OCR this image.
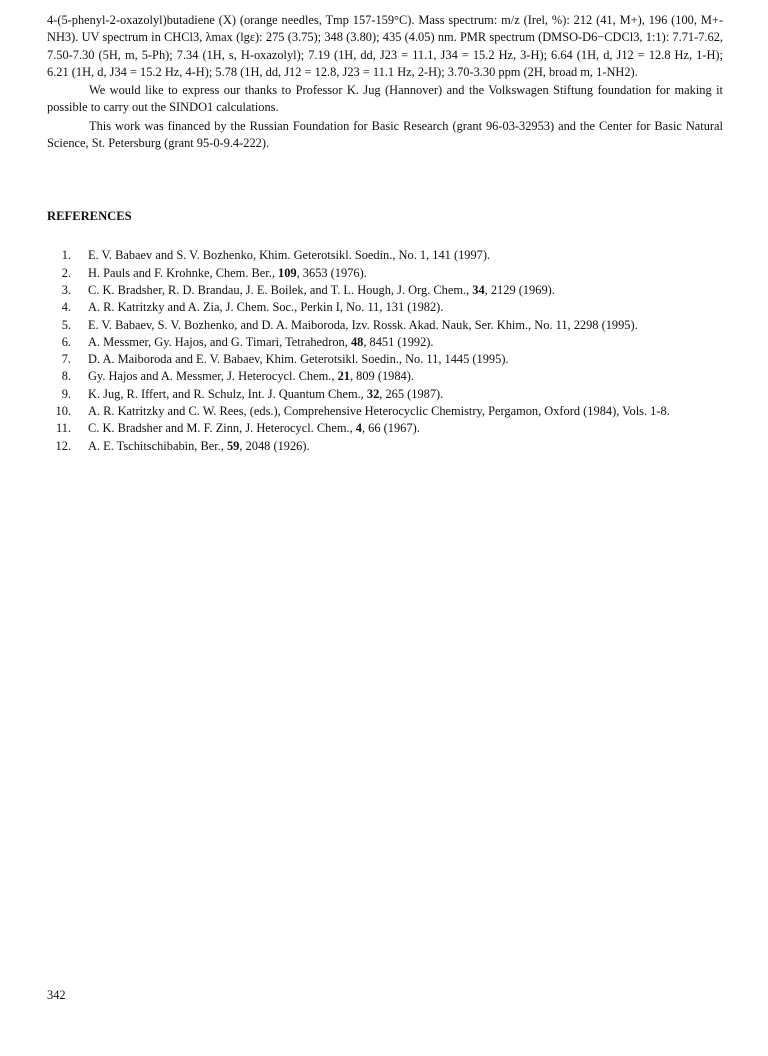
4-(5-phenyl-2-oxazolyl)butadiene (X) (orange needles, Tmp 157-159°C). Mass spectrum: m/z (Irel, %): 212 (41, M+), 196 (100, M+-NH3). UV spectrum in CHCl3, λmax (lgε): 275 (3.75); 348 (3.80); 435 (4.05) nm. PMR spectrum (DMSO-D6−CDCl3, 1:1): 7.71-7.62, 7.50-7.30 (5H, m, 5-Ph); 7.34 (1H, s, H-oxazolyl); 7.19 (1H, dd, J23 = 11.1, J34 = 15.2 Hz, 3-H); 6.64 (1H, d, J12 = 12.8 Hz, 1-H); 6.21 (1H, d, J34 = 15.2 Hz, 4-H); 5.78 (1H, dd, J12 = 12.8, J23 = 11.1 Hz, 2-H); 3.70-3.30 ppm (2H, broad m, 1-NH2).

We would like to express our thanks to Professor K. Jug (Hannover) and the Volkswagen Stiftung foundation for making it possible to carry out the SINDO1 calculations.

This work was financed by the Russian Foundation for Basic Research (grant 96-03-32953) and the Center for Basic Natural Science, St. Petersburg (grant 95-0-9.4-222).

REFERENCES
1. E. V. Babaev and S. V. Bozhenko, Khim. Geterotsikl. Soedin., No. 1, 141 (1997).
2. H. Pauls and F. Krohnke, Chem. Ber., 109, 3653 (1976).
3. C. K. Bradsher, R. D. Brandau, J. E. Boilek, and T. L. Hough, J. Org. Chem., 34, 2129 (1969).
4. A. R. Katritzky and A. Zia, J. Chem. Soc., Perkin I, No. 11, 131 (1982).
5. E. V. Babaev, S. V. Bozhenko, and D. A. Maiboroda, Izv. Rossk. Akad. Nauk, Ser. Khim., No. 11, 2298 (1995).
6. A. Messmer, Gy. Hajos, and G. Timari, Tetrahedron, 48, 8451 (1992).
7. D. A. Maiboroda and E. V. Babaev, Khim. Geterotsikl. Soedin., No. 11, 1445 (1995).
8. Gy. Hajos and A. Messmer, J. Heterocycl. Chem., 21, 809 (1984).
9. K. Jug, R. Iffert, and R. Schulz, Int. J. Quantum Chem., 32, 265 (1987).
10. A. R. Katritzky and C. W. Rees, (eds.), Comprehensive Heterocyclic Chemistry, Pergamon, Oxford (1984), Vols. 1-8.
11. C. K. Bradsher and M. F. Zinn, J. Heterocycl. Chem., 4, 66 (1967).
12. A. E. Tschitschibabin, Ber., 59, 2048 (1926).
342
